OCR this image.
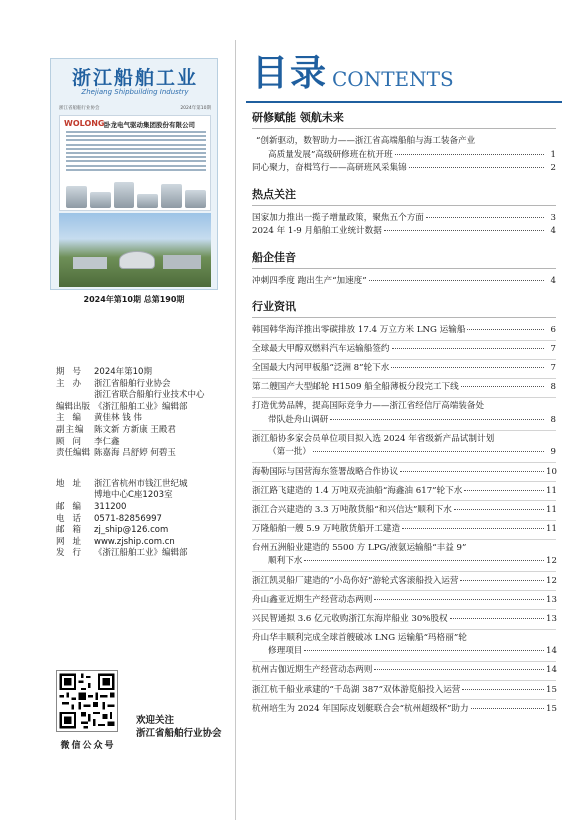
浙江船舶工业
Zhejiang Shipbuilding Industry
浙江省船舶行业协会	2024年第10期
WOLONG 卧龙电气驱动集团股份有限公司
2024年第10期 总第190期
期号 2024年第10期
主办 浙江省船舶行业协会
浙江省联合船舶行业技术中心
编辑出版 《浙江船舶工业》编辑部
主编 黄佳林 钱 伟
副主编	陈文新 方新康 王殿君
顾问 李仁鑫
责任编辑 陈嘉海 吕舒婷 何碧玉
地址 浙江省杭州市钱江世纪城
博地中心C座1203室
邮编 311200
电话 0571-82856997
邮箱 zj_ship@126.com
网址 www.zjship.com.cn
发行 《浙江船舶工业》编辑部
微信公众号
欢迎关注
浙江省船舶行业协会
目录 CONTENTS
研修赋能 领航未来
“创新驱动，数智助力——浙江省高端船舶与海工装备产业
高质量发展”高级研修班在杭开班	1
同心聚力，奋楫笃行——高研班风采集锦	2
热点关注
国家加力推出一揽子增量政策，聚焦五个方面	3
2024 年 1-9 月船舶工业统计数据	4
船企佳音
冲刺四季度 跑出生产“加速度”	4
行业资讯
韩国韩华海洋推出零碳排放 17.4 万立方米 LNG 运输船	6
全球最大甲醇双燃料汽车运输船签约	7
全国最大内河甲板船“泛洲 8”轮下水	7
第二艘国产大型邮轮 H1509 船全船薄板分段完工下线	8
打造优势品牌，提高国际竞争力——浙江省经信厅高端装备处
带队赴舟山调研	8
浙江船协多家会员单位项目拟入选 2024 年省级新产品试制计划
（第一批）	9
海勒国际与国营海东签署战略合作协议	10
浙江路飞建造的 1.4 万吨双壳油船“海鑫油 617”轮下水	11
浙江合兴建造的 3.3 万吨散货船“和兴信达”顺利下水	11
万隆船舶一艘 5.9 万吨散货船开工建造	11
台州五洲船业建造的 5500 方 LPG/液氨运输船“丰益 9”
顺利下水	12
浙江凯灵船厂建造的“小岛你好”游轮式客滚船投入运营	12
舟山鑫亚近期生产经营动态两则	13
兴民智通拟 3.6 亿元收购浙江东海岸船业 30%股权	13
舟山华丰顺利完成全球首艘破冰 LNG 运输船“玛格丽”轮
修理项目	14
杭州古伽近期生产经营动态两则	14
浙江杭千船业承建的“千岛湖 387”双体游览船投入运营	15
杭州培生为 2024 年国际皮划艇联合会“杭州超级杯”助力	15
